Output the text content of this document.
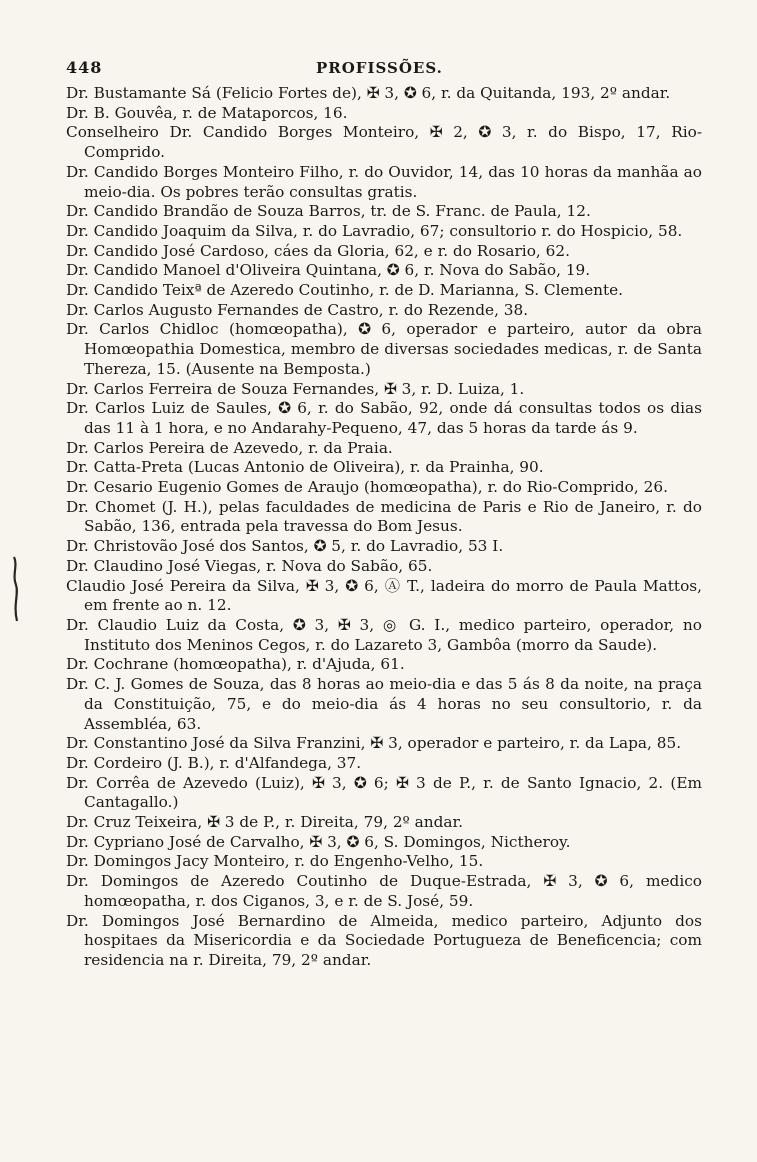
448	PROFISSÕES.

Dr. Bustamante Sá (Felicio Fortes de), ✠ 3, ✪ 6, r. da Quitanda, 193, 2º andar.

Dr. B. Gouvêa, r. de Mataporcos, 16.

Conselheiro Dr. Candido Borges Monteiro, ✠ 2, ✪ 3, r. do Bispo, 17, Rio-Comprido.

Dr. Candido Borges Monteiro Filho, r. do Ouvidor, 14, das 10 horas da manhãa ao meio-dia. Os pobres terão consultas gratis.

Dr. Candido Brandão de Souza Barros, tr. de S. Franc. de Paula, 12.

Dr. Candido Joaquim da Silva, r. do Lavradio, 67; consultorio r. do Hospicio, 58.

Dr. Candido José Cardoso, cáes da Gloria, 62, e r. do Rosario, 62.

Dr. Candido Manoel d'Oliveira Quintana, ✪ 6, r. Nova do Sabão, 19.

Dr. Candido Teixª de Azeredo Coutinho, r. de D. Marianna, S. Clemente.

Dr. Carlos Augusto Fernandes de Castro, r. do Rezende, 38.

Dr. Carlos Chidloc (homœopatha), ✪ 6, operador e parteiro, autor da obra Homœopathia Domestica, membro de diversas sociedades medicas, r. de Santa Thereza, 15. (Ausente na Bemposta.)

Dr. Carlos Ferreira de Souza Fernandes, ✠ 3, r. D. Luiza, 1.

Dr. Carlos Luiz de Saules, ✪ 6, r. do Sabão, 92, onde dá consultas todos os dias das 11 à 1 hora, e no Andarahy-Pequeno, 47, das 5 horas da tarde ás 9.

Dr. Carlos Pereira de Azevedo, r. da Praia.

Dr. Catta-Preta (Lucas Antonio de Oliveira), r. da Prainha, 90.

Dr. Cesario Eugenio Gomes de Araujo (homœopatha), r. do Rio-Comprido, 26.

Dr. Chomet (J. H.), pelas faculdades de medicina de Paris e Rio de Janeiro, r. do Sabão, 136, entrada pela travessa do Bom Jesus.

Dr. Christovão José dos Santos, ✪ 5, r. do Lavradio, 53 I.

Dr. Claudino José Viegas, r. Nova do Sabão, 65.

Claudio José Pereira da Silva, ✠ 3, ✪ 6, Ⓐ T., ladeira do morro de Paula Mattos, em frente ao n. 12.

Dr. Claudio Luiz da Costa, ✪ 3, ✠ 3, ◎ G. I., medico parteiro, operador, no Instituto dos Meninos Cegos, r. do Lazareto 3, Gambôa (morro da Saude).

Dr. Cochrane (homœopatha), r. d'Ajuda, 61.

Dr. C. J. Gomes de Souza, das 8 horas ao meio-dia e das 5 ás 8 da noite, na praça da Constituição, 75, e do meio-dia ás 4 horas no seu consultorio, r. da Assembléa, 63.

Dr. Constantino José da Silva Franzini, ✠ 3, operador e parteiro, r. da Lapa, 85.

Dr. Cordeiro (J. B.), r. d'Alfandega, 37.

Dr. Corrêa de Azevedo (Luiz), ✠ 3, ✪ 6; ✠ 3 de P., r. de Santo Ignacio, 2. (Em Cantagallo.)

Dr. Cruz Teixeira, ✠ 3 de P., r. Direita, 79, 2º andar.

Dr. Cypriano José de Carvalho, ✠ 3, ✪ 6, S. Domingos, Nictheroy.

Dr. Domingos Jacy Monteiro, r. do Engenho-Velho, 15.

Dr. Domingos de Azeredo Coutinho de Duque-Estrada, ✠ 3, ✪ 6, medico homœopatha, r. dos Ciganos, 3, e r. de S. José, 59.

Dr. Domingos José Bernardino de Almeida, medico parteiro, Adjunto dos hospitaes da Misericordia e da Sociedade Portugueza de Beneficencia; com residencia na r. Direita, 79, 2º andar.
